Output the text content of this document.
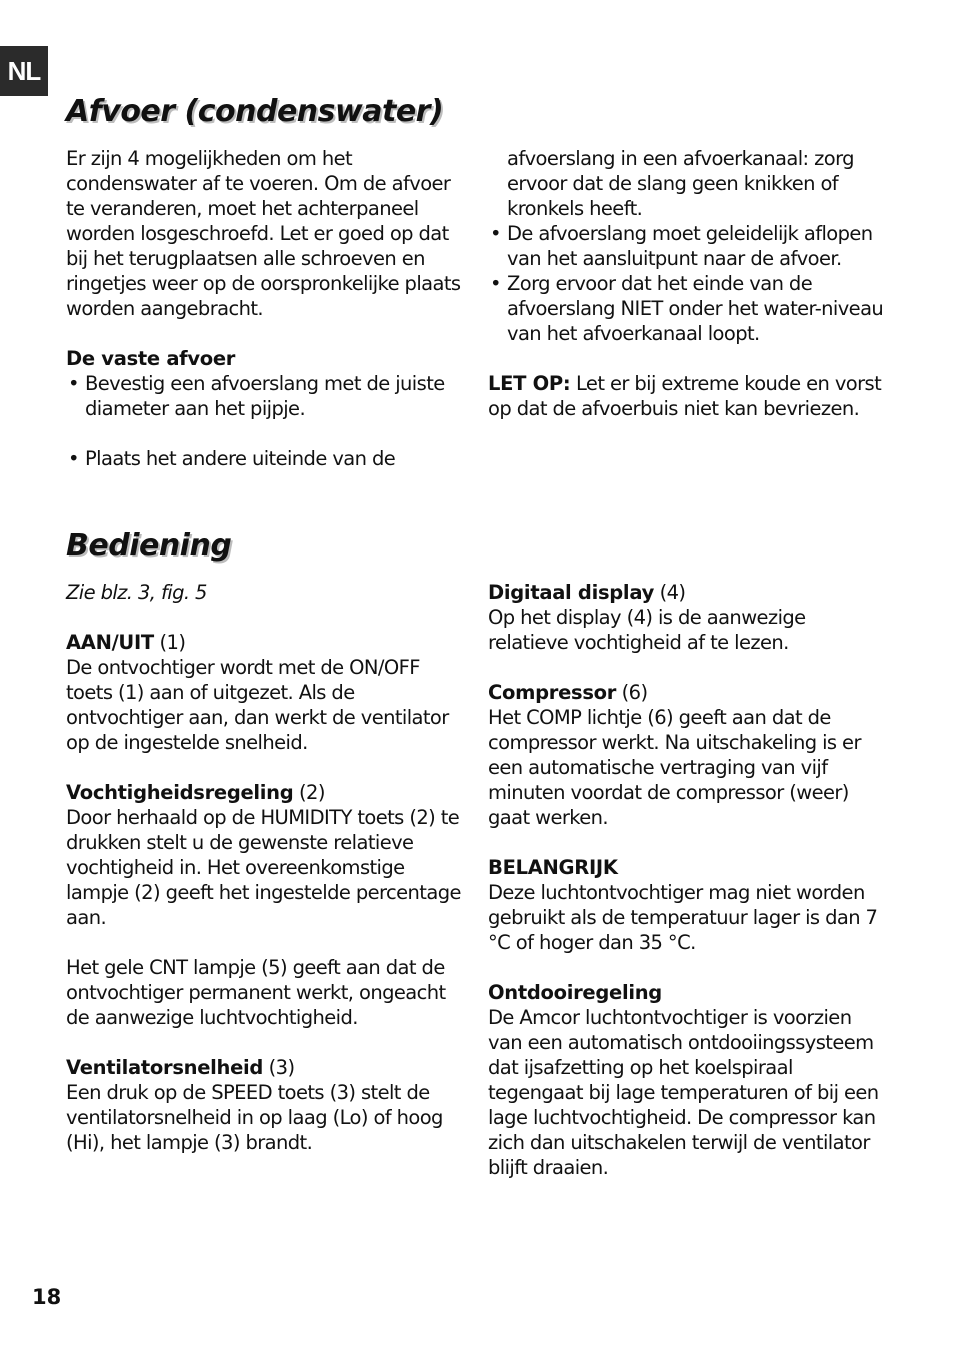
NL
Afvoer (condenswater)

Er zijn 4 mogelijkheden om het condenswater af te voeren. Om de afvoer te veranderen, moet het achterpaneel worden losgeschroefd. Let er goed op dat bij het terugplaatsen alle schroeven en ringetjes weer op de oorspronkelijke plaats worden aangebracht.

De vaste afvoer

• Bevestig een afvoerslang met de juiste diameter aan het pijpje.
• Plaats het andere uiteinde van de

afvoerslang in een afvoerkanaal: zorg ervoor dat de slang geen knikken of kronkels heeft.

• De afvoerslang moet geleidelijk aflopen van het aansluitpunt naar de afvoer.
• Zorg ervoor dat het einde van de afvoerslang NIET onder het water-niveau van het afvoerkanaal loopt.

LET OP: Let er bij extreme koude en vorst op dat de afvoerbuis niet kan bevriezen.

Bediening

Zie blz. 3, fig. 5

AAN/UIT (1)

De ontvochtiger wordt met de ON/OFF toets (1) aan of uitgezet. Als de ontvochtiger aan, dan werkt de ventilator op de ingestelde snelheid.

Vochtigheidsregeling (2)

Door herhaald op de HUMIDITY toets (2) te drukken stelt u de gewenste relatieve vochtigheid in. Het overeenkomstige lampje (2) geeft het ingestelde percentage aan.

Het gele CNT lampje (5) geeft aan dat de ontvochtiger permanent werkt, ongeacht de aanwezige luchtvochtigheid.

Ventilatorsnelheid (3)

Een druk op de SPEED toets (3) stelt de ventilatorsnelheid in op laag (Lo) of hoog (Hi), het lampje (3) brandt.

Digitaal display (4)

Op het display (4) is de aanwezige relatieve vochtigheid af te lezen.

Compressor (6)

Het COMP lichtje (6) geeft aan dat de compressor werkt. Na uitschakeling is er een automatische vertraging van vijf minuten voordat de compressor (weer) gaat werken.

BELANGRIJK

Deze luchtontvochtiger mag niet worden gebruikt als de temperatuur lager is dan 7 °C of hoger dan 35 °C.

Ontdooiregeling

De Amcor luchtontvochtiger is voorzien van een automatisch ontdooiingssysteem dat ijsafzetting op het koelspiraal tegengaat bij lage temperaturen of bij een lage luchtvochtigheid. De compressor kan zich dan uitschakelen terwijl de ventilator blijft draaien.

18
